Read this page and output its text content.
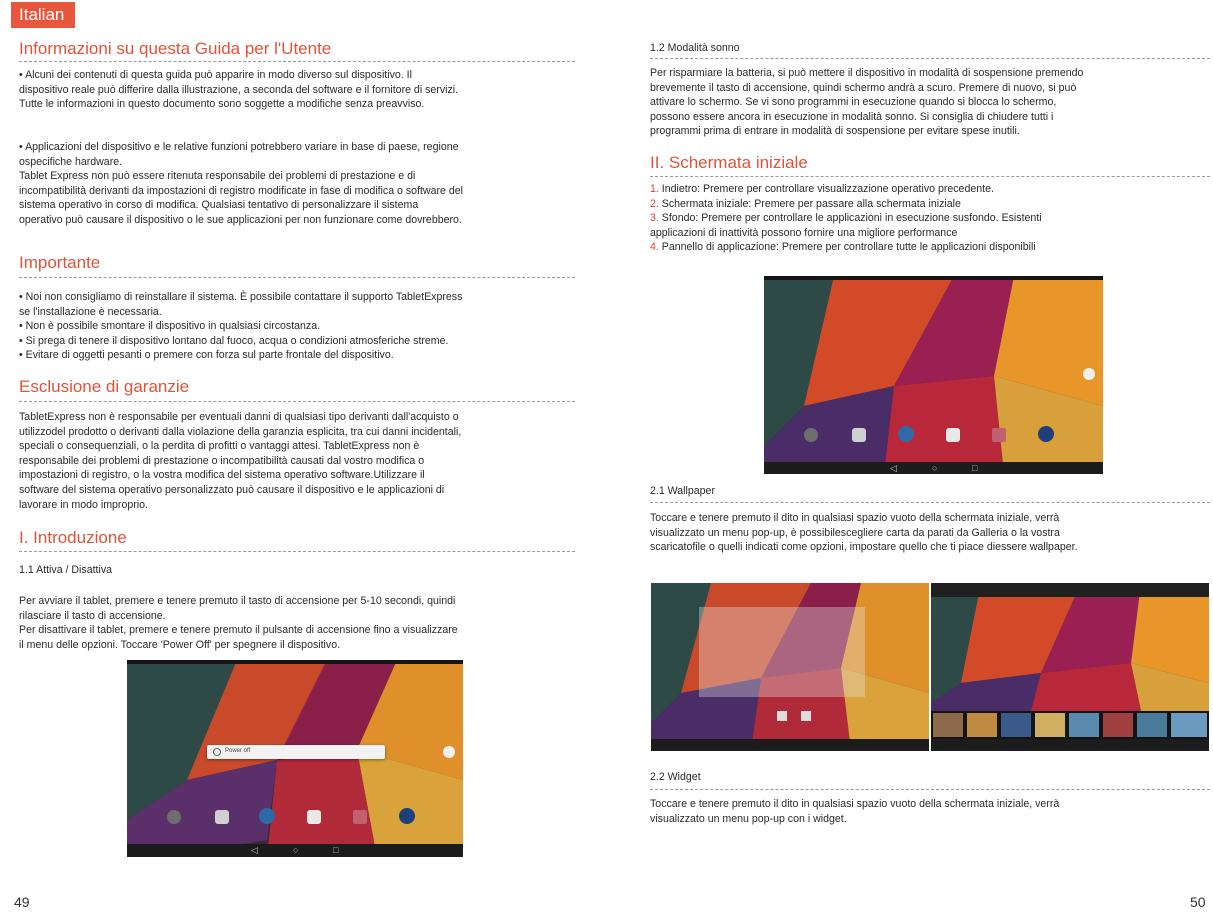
Italian
Informazioni su questa Guida per l'Utente
• Alcuni dei contenuti di questa guida può apparire in modo diverso sul dispositivo. Il
dispositivo reale può differire dalla illustrazione, a seconda del software e il fornitore di servizi.
Tutte le informazioni in questo documento sono soggette a modifiche senza preavviso.
• Applicazioni del dispositivo e le relative funzioni potrebbero variare in base di paese, regione
ospecifiche hardware.
Tablet Express non può essere ritenuta responsabile dei problemi di prestazione e di
incompatibilità derivanti da impostazioni di registro modificate in fase di modifica o software del
sistema operativo in corso di modifica. Qualsiasi tentativo di personalizzare il sistema
operativo può causare il dispositivo o le sue applicazioni per non funzionare come dovrebbero.
Importante
• Noi non consigliamo di reinstallare il sistema. È possibile contattare il supporto TabletExpress
se l'installazione è necessaria.
• Non è possibile smontare il dispositivo in qualsiasi circostanza.
• Si prega di tenere il dispositivo lontano dal fuoco, acqua o condizioni atmosferiche streme.
• Evitare di oggetti pesanti o premere con forza sul parte frontale del dispositivo.
Esclusione di garanzie
TabletExpress non è responsabile per eventuali danni di qualsiasi tipo derivanti dall'acquisto o
utilizzodel prodotto o derivanti dalla violazione della garanzia esplicita, tra cui danni incidentali,
speciali o consequenziali, o la perdita di profitti o vantaggi attesi. TabletExpress non è
responsabile dei problemi di prestazione o incompatibilità causati dal vostro modifica o
impostazioni di registro, o la vostra modifica del sistema operativo software.Utilizzare il
software del sistema operativo personalizzato può causare il dispositivo e le applicazioni di
lavorare in modo improprio.
I. Introduzione
1.1 Attiva / Disattiva
Per avviare il tablet, premere e tenere premuto il tasto di accensione per 5-10 secondi, quindi
rilasciare il tasto di accensione.
Per disattivare il tablet, premere e tenere premuto il pulsante di accensione fino a visualizzare
il menu delle opzioni. Toccare 'Power Off' per spegnere il dispositivo.
Power off
◁	○	□
49
1.2 Modalità sonno
Per risparmiare la batteria, si può mettere il dispositivo in modalità di sospensione premendo
brevemente il tasto di accensione, quindi schermo andrà a scuro. Premere di nuovo, si può
attivare lo schermo. Se vi sono programmi in esecuzione quando si blocca lo schermo,
possono essere ancora in esecuzione in modalità sonno. Si consiglia di chiudere tutti i
programmi prima di entrare in modalità di sospensione per evitare spese inutili.
II. Schermata iniziale
1. Indietro: Premere per controllare visualizzazione operativo precedente.
2. Schermata iniziale: Premere per passare alla schermata iniziale
3. Sfondo: Premere per controllare le applicazioni in esecuzione susfondo. Esistenti
applicazioni di inattività possono fornire una migliore performance
4. Pannello di applicazione: Premere per controllare tutte le applicazioni disponibili
◁	○	□
2.1 Wallpaper
Toccare e tenere premuto il dito in qualsiasi spazio vuoto della schermata iniziale, verrà
visualizzato un menu pop-up, è possibilescegliere carta da parati da Galleria o la vostra
scaricatofile o quelli indicati come opzioni, impostare quello che ti piace diessere wallpaper.
2.2 Widget
Toccare e tenere premuto il dito in qualsiasi spazio vuoto della schermata iniziale, verrà
visualizzato un menu pop-up con i widget.
50
